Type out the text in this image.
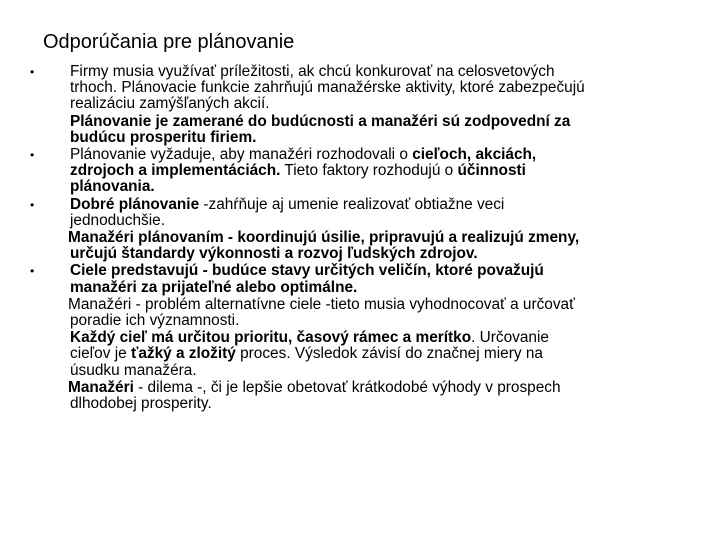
Odporúčania pre plánovanie
• Firmy musia využívať príležitosti, ak chcú konkurovať na celosvetových
trhoch. Plánovacie funkcie zahrňujú manažérske aktivity, ktoré zabezpečujú
realizáciu zamýšľaných akcií.
Plánovanie je zamerané do budúcnosti a manažéri sú zodpovední za
budúcu prosperitu firiem.
• Plánovanie vyžaduje, aby manažéri rozhodovali o cieľoch, akciách,
zdrojoch a implementáciách. Tieto faktory rozhodujú o účinnosti
plánovania.
• Dobré plánovanie -zahŕňuje aj umenie realizovať obtiažne veci
jednoduchšie.
Manažéri plánovaním - koordinujú úsilie, pripravujú a realizujú zmeny,
určujú štandardy výkonnosti a rozvoj ľudských zdrojov.
• Ciele predstavujú - budúce stavy určitých veličín, ktoré považujú
manažéri za prijateľné alebo optimálne.
Manažéri - problém alternatívne ciele -tieto musia vyhodnocovať a určovať
poradie ich významnosti.
Každý cieľ má určitou prioritu, časový rámec a merítko. Určovanie
cieľov je ťažký a zložitý proces. Výsledok závisí do značnej miery na
úsudku manažéra.
Manažéri - dilema -, či je lepšie obetovať krátkodobé výhody v prospech
dlhodobej prosperity.
